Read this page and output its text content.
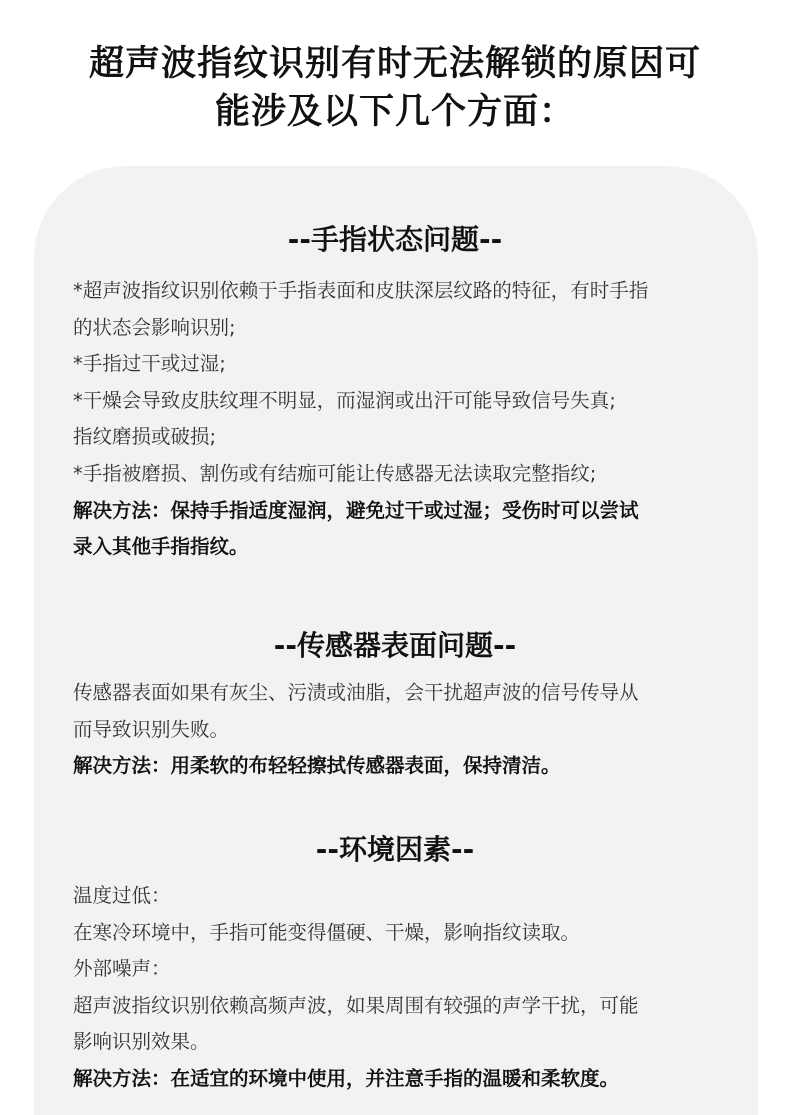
超声波指纹识别有时无法解锁的原因可
能涉及以下几个方面：
--手指状态问题--
*超声波指纹识别依赖于手指表面和皮肤深层纹路的特征，有时手指
的状态会影响识别;
*手指过干或过湿;
*干燥会导致皮肤纹理不明显，而湿润或出汗可能导致信号失真;
指纹磨损或破损;
*手指被磨损、割伤或有结痂可能让传感器无法读取完整指纹;
解决方法：保持手指适度湿润，避免过干或过湿；受伤时可以尝试
录入其他手指指纹。
--传感器表面问题--
传感器表面如果有灰尘、污渍或油脂，会干扰超声波的信号传导从
而导致识别失败。
解决方法：用柔软的布轻轻擦拭传感器表面，保持清洁。
--环境因素--
温度过低：
在寒冷环境中，手指可能变得僵硬、干燥，影响指纹读取。
外部噪声：
超声波指纹识别依赖高频声波，如果周围有较强的声学干扰，可能
影响识别效果。
解决方法：在适宜的环境中使用，并注意手指的温暖和柔软度。
